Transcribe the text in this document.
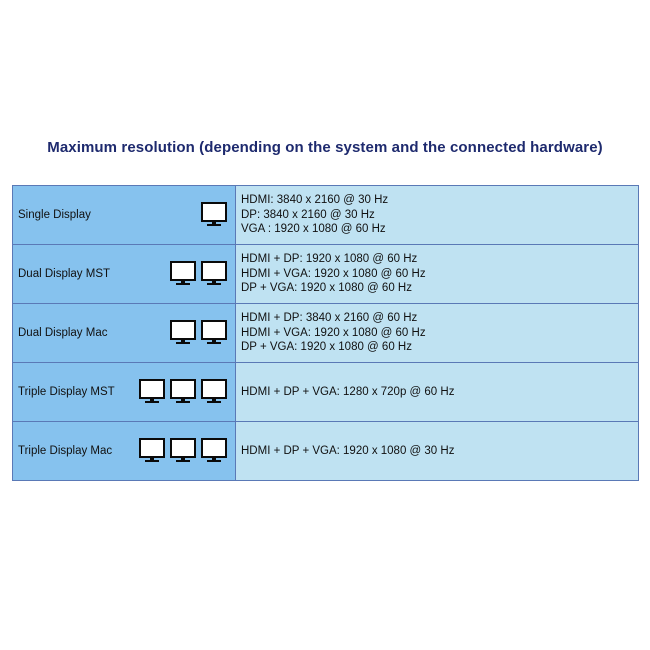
Maximum resolution (depending on the system and the connected hardware)
Single Display	HDMI: 3840 x 2160 @ 30 Hz
DP: 3840 x 2160 @ 30 Hz
VGA : 1920 x 1080 @ 60 Hz

Dual Display MST	HDMI + DP: 1920 x 1080 @ 60 Hz
HDMI + VGA: 1920 x 1080 @ 60 Hz
DP + VGA: 1920 x 1080 @ 60 Hz

Dual Display Mac	HDMI + DP: 3840 x 2160 @ 60 Hz
HDMI + VGA: 1920 x 1080 @ 60 Hz
DP + VGA: 1920 x 1080 @ 60 Hz

Triple Display MST	HDMI + DP + VGA: 1280 x 720p @ 60 Hz

Triple Display Mac	HDMI + DP + VGA: 1920 x 1080 @ 30 Hz
